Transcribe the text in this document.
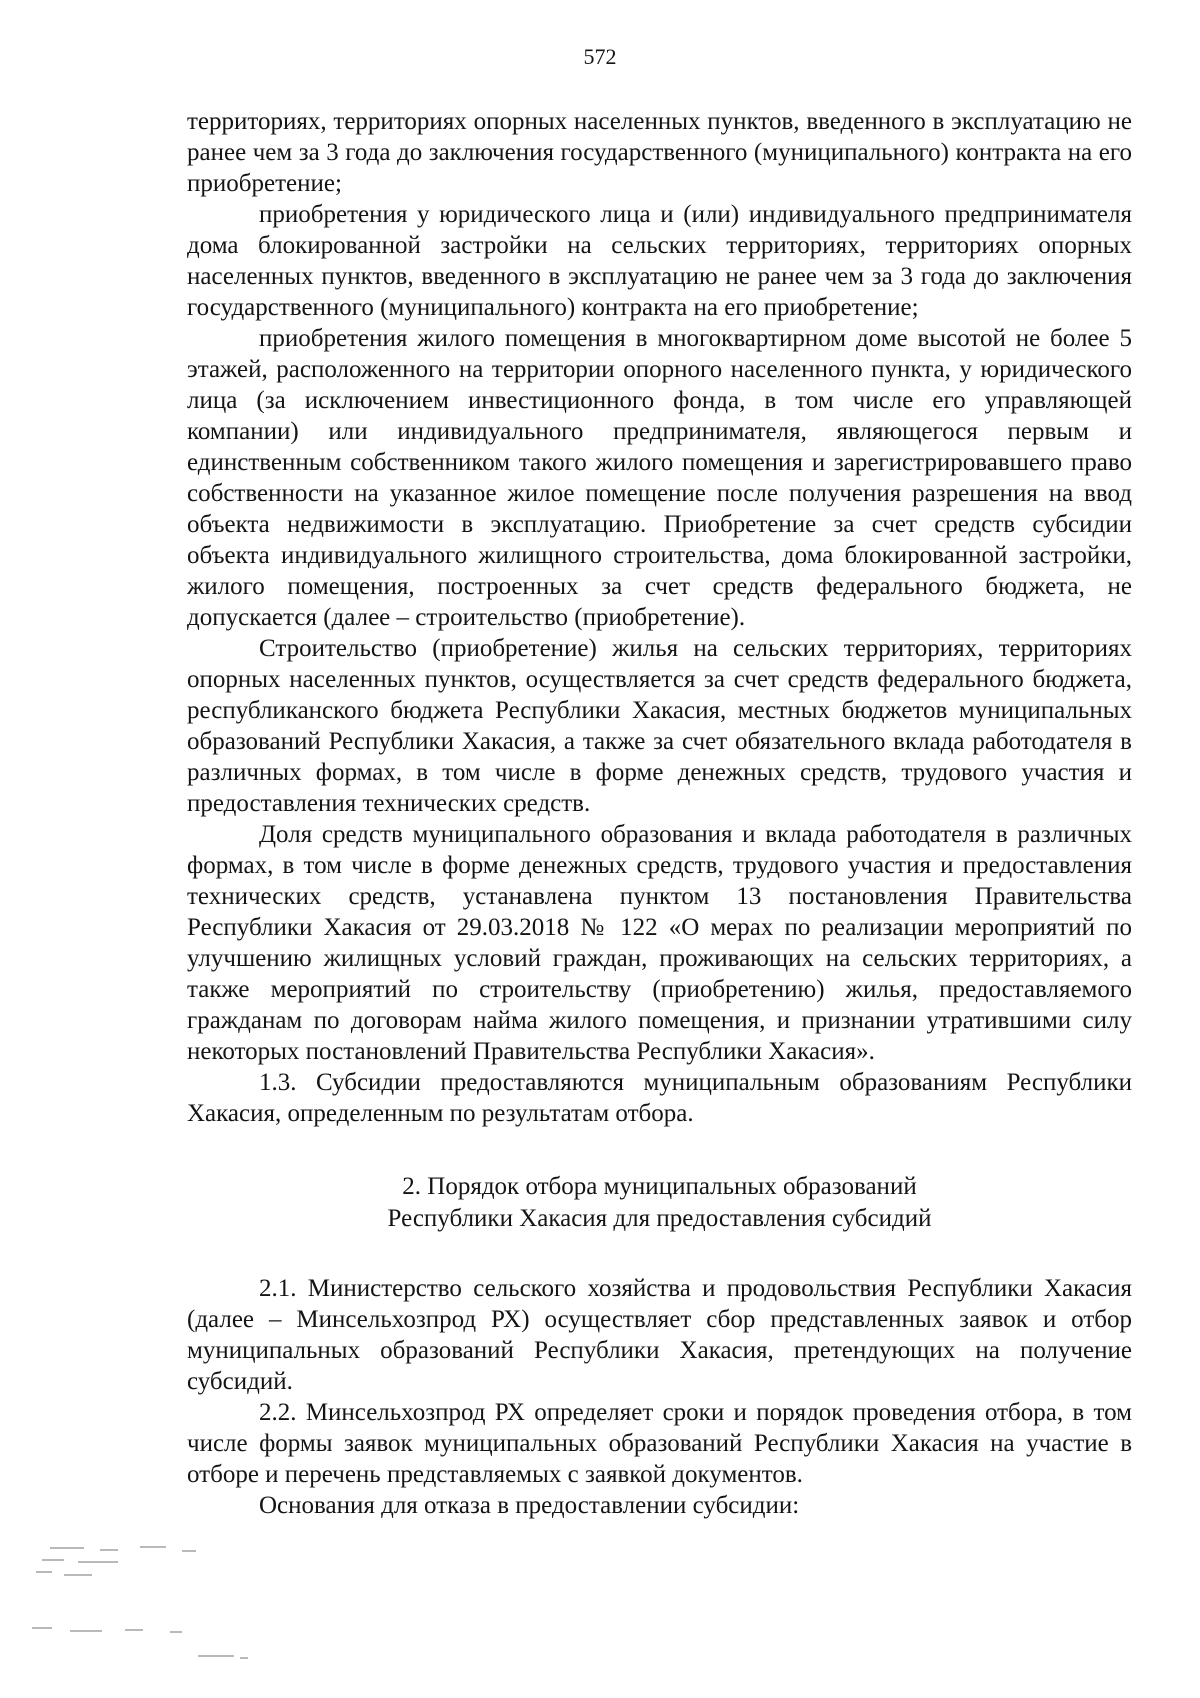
572

территориях, территориях опорных населенных пунктов, введенного в эксплуатацию не ранее чем за 3 года до заключения государственного (муниципального) контракта на его приобретение;

приобретения у юридического лица и (или) индивидуального предпринимателя дома блокированной застройки на сельских территориях, территориях опорных населенных пунктов, введенного в эксплуатацию не ранее чем за 3 года до заключения государственного (муниципального) контракта на его приобретение;

приобретения жилого помещения в многоквартирном доме высотой не более 5 этажей, расположенного на территории опорного населенного пункта, у юридического лица (за исключением инвестиционного фонда, в том числе его управляющей компании) или индивидуального предпринимателя, являющегося первым и единственным собственником такого жилого помещения и зарегистрировавшего право собственности на указанное жилое помещение после получения разрешения на ввод объекта недвижимости в эксплуатацию. Приобретение за счет средств субсидии объекта индивидуального жилищного строительства, дома блокированной застройки, жилого помещения, построенных за счет средств федерального бюджета, не допускается (далее – строительство (приобретение).

Строительство (приобретение) жилья на сельских территориях, территориях опорных населенных пунктов, осуществляется за счет средств федерального бюджета, республиканского бюджета Республики Хакасия, местных бюджетов муниципальных образований Республики Хакасия, а также за счет обязательного вклада работодателя в различных формах, в том числе в форме денежных средств, трудового участия и предоставления технических средств.

Доля средств муниципального образования и вклада работодателя в различных формах, в том числе в форме денежных средств, трудового участия и предоставления технических средств, устанавлена пунктом 13 постановления Правительства Республики Хакасия от 29.03.2018 № 122 «О мерах по реализации мероприятий по улучшению жилищных условий граждан, проживающих на сельских территориях, а также мероприятий по строительству (приобретению) жилья, предоставляемого гражданам по договорам найма жилого помещения, и признании утратившими силу некоторых постановлений Правительства Республики Хакасия».

1.3. Субсидии предоставляются муниципальным образованиям Республики Хакасия, определенным по результатам отбора.

2. Порядок отбора муниципальных образований
Республики Хакасия для предоставления субсидий

2.1. Министерство сельского хозяйства и продовольствия Республики Хакасия (далее – Минсельхозпрод РХ) осуществляет сбор представленных заявок и отбор муниципальных образований Республики Хакасия, претендующих на получение субсидий.

2.2. Минсельхозпрод РХ определяет сроки и порядок проведения отбора, в том числе формы заявок муниципальных образований Республики Хакасия на участие в отборе и перечень представляемых с заявкой документов.

Основания для отказа в предоставлении субсидии:
